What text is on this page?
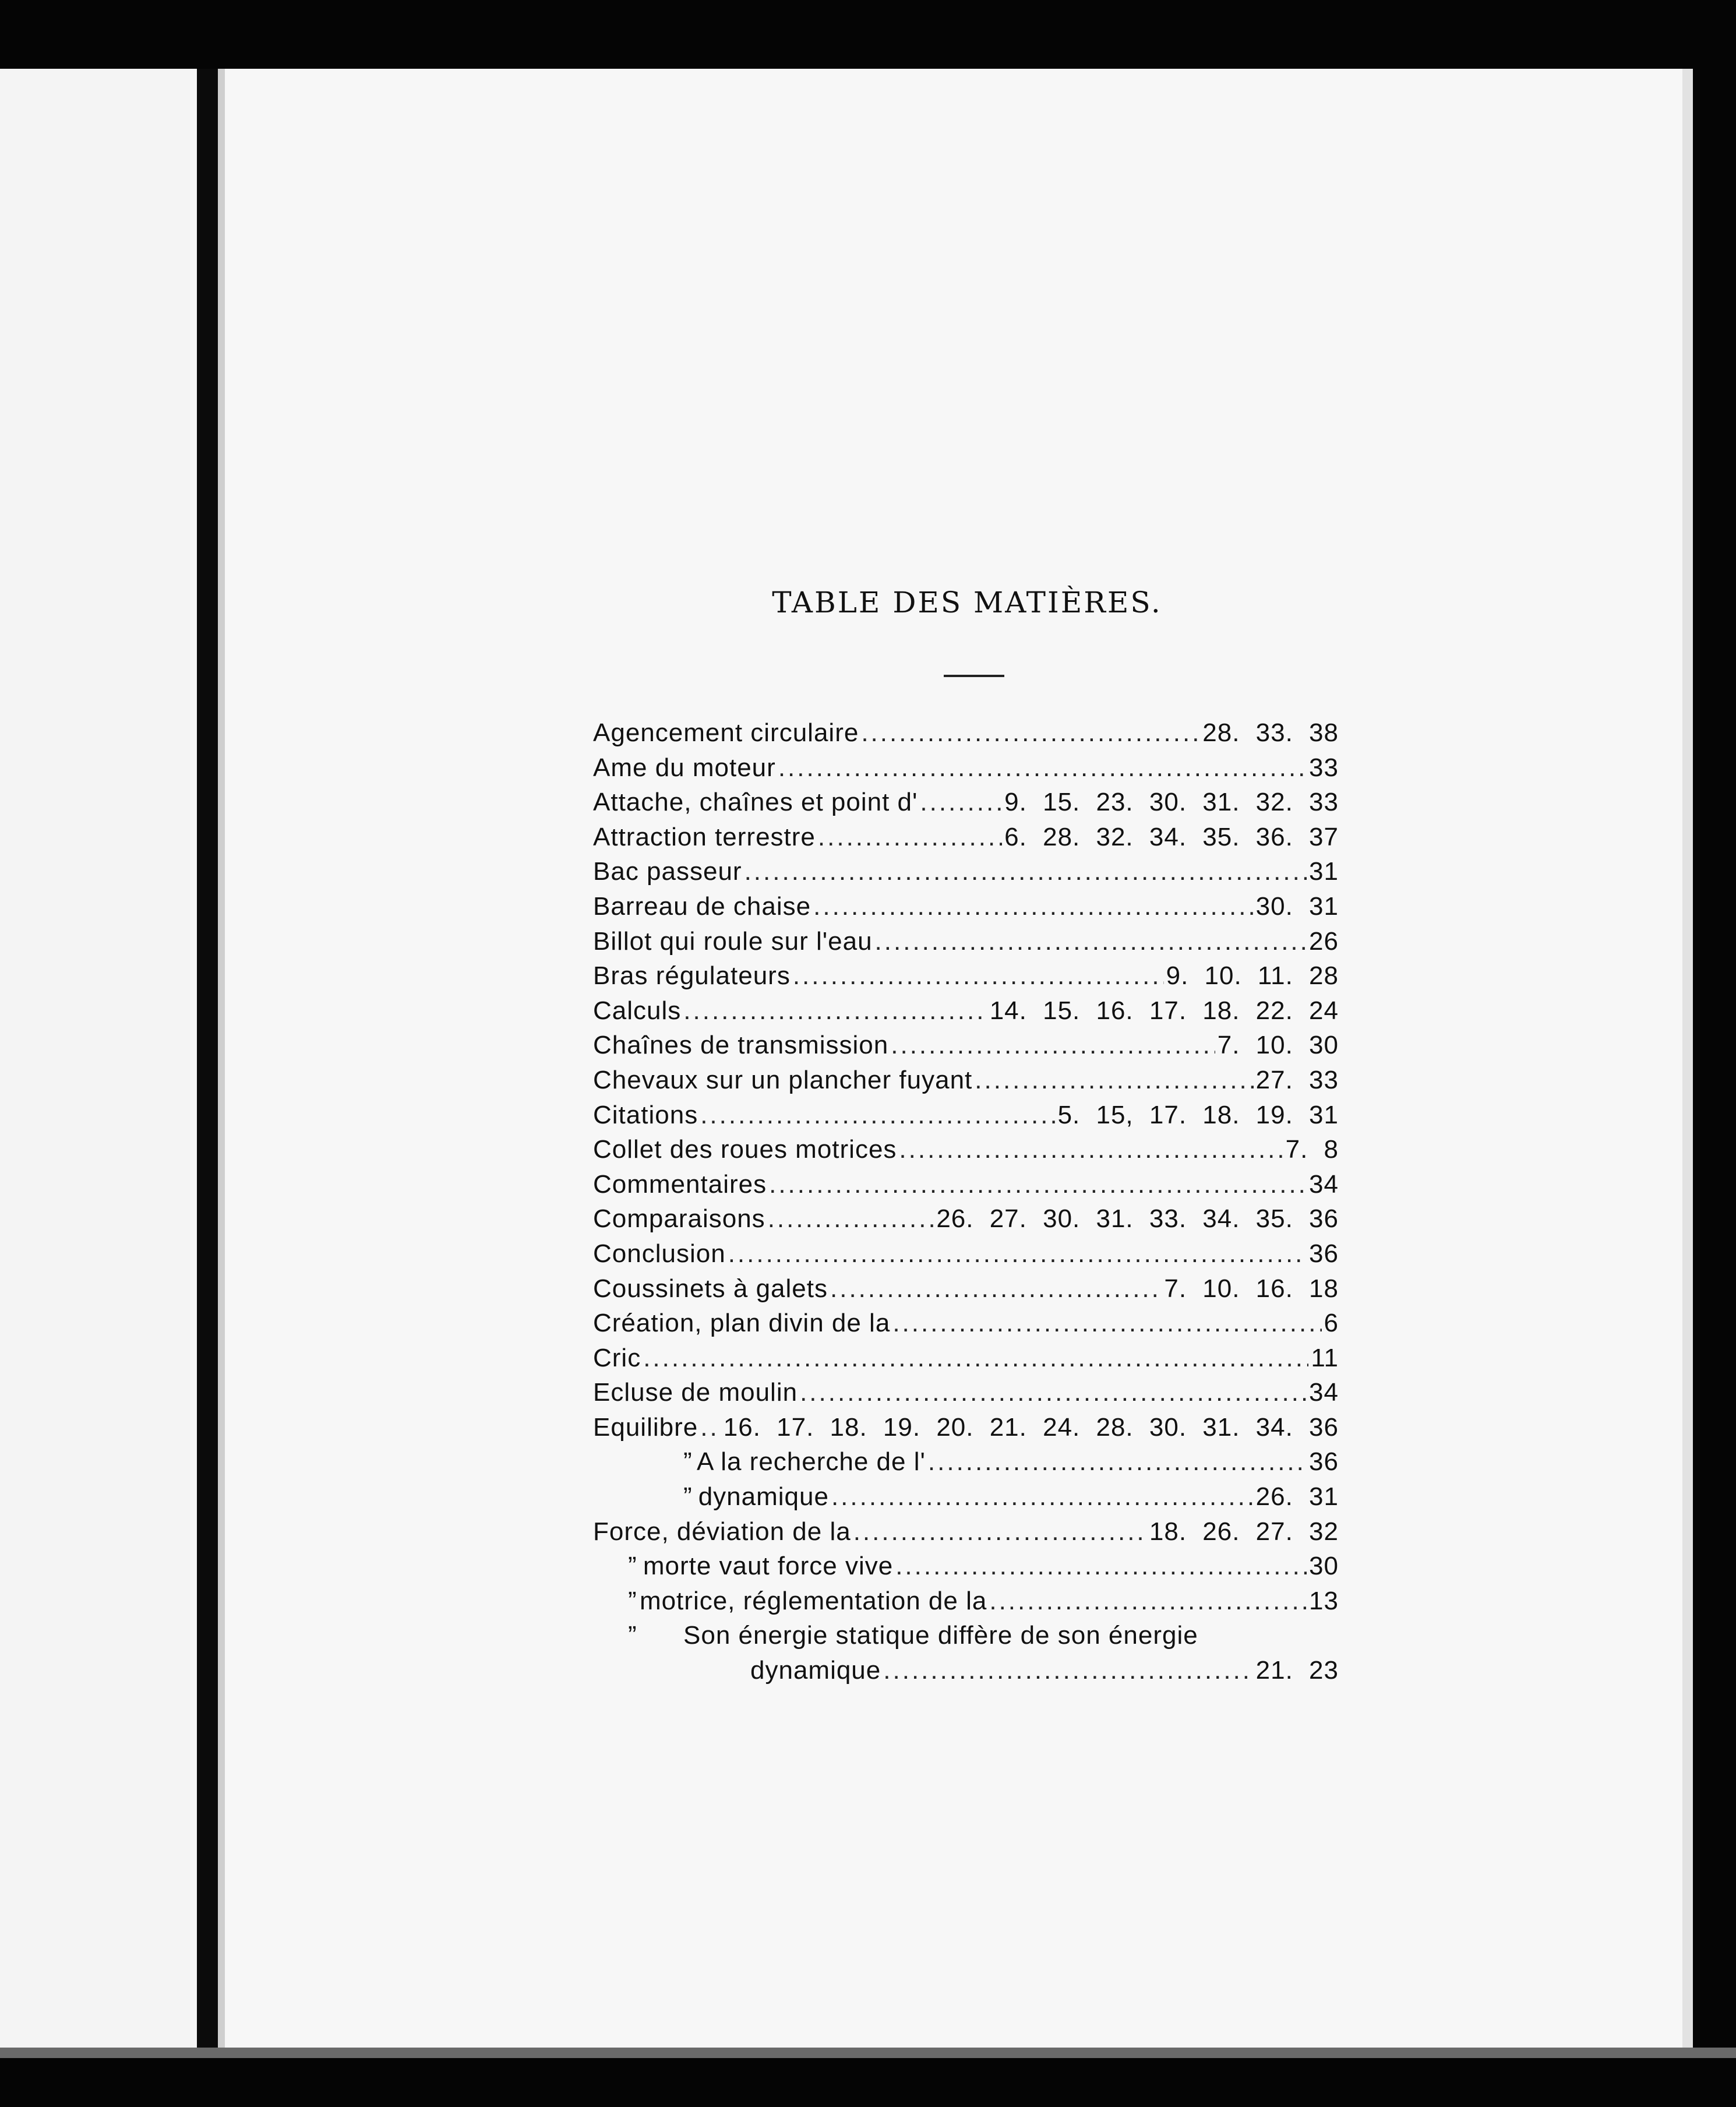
TABLE DES MATIÈRES.
Agencement circulaire .....	28. 33. 38
Ame du moteur .....	33
Attache, chaînes et point d' .....	9. 15. 23. 30. 31. 32. 33
Attraction terrestre .....	6. 28. 32. 34. 35. 36. 37
Bac passeur .....	31
Barreau de chaise .....	30. 31
Billot qui roule sur l'eau .....	26
Bras régulateurs .....	9. 10. 11. 28
Calculs .....	14. 15. 16. 17. 18. 22. 24
Chaînes de transmission .....	7. 10. 30
Chevaux sur un plancher fuyant .....	27. 33
Citations .....	5. 15, 17. 18. 19. 31
Collet des roues motrices .....	7. 8
Commentaires .....	34
Comparaisons .....	26. 27. 30. 31. 33. 34. 35. 36
Conclusion .....	36
Coussinets à galets .....	7. 10. 16. 18
Création, plan divin de la .....	6
Cric .....	11
Ecluse de moulin .....	34
Equilibre ..... 16. 17. 18. 19. 20. 21. 24. 28. 30. 31. 34. 36
” A la recherche de l' .....	36
” dynamique .....	26. 31
Force, déviation de la .....	18. 26. 27. 32
” morte vaut force vive .....	30
” motrice, réglementation de la .....	13
”	Son énergie statique diffère de son énergie
dynamique .....	21. 23
